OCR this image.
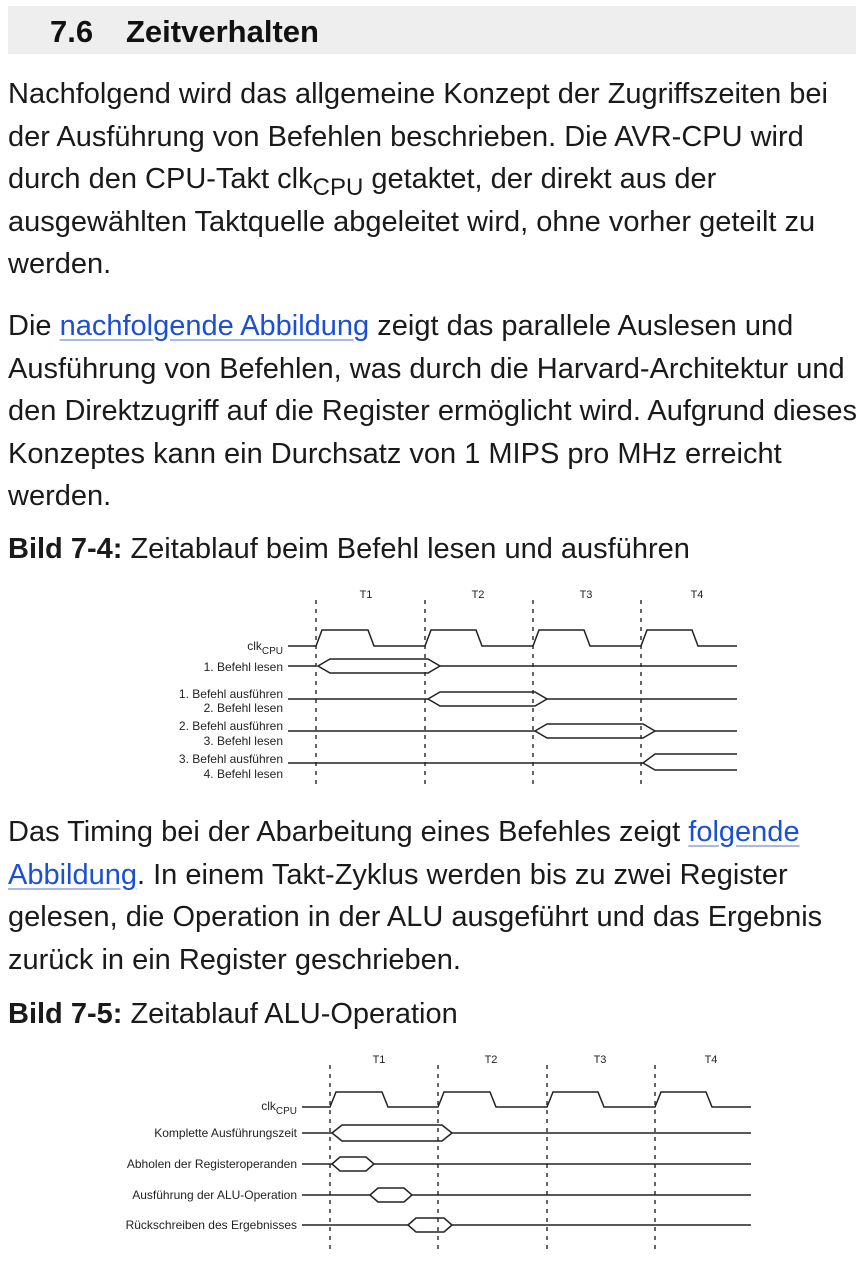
7.6 Zeitverhalten

Nachfolgend wird das allgemeine Konzept der Zugriffszeiten bei der Ausführung von Befehlen beschrieben. Die AVR-CPU wird durch den CPU-Takt clk$_{CPU}$ getaktet, der direkt aus der ausgewählten Taktquelle abgeleitet wird, ohne vorher geteilt zu werden.

Die nachfolgende Abbildung zeigt das parallele Auslesen und Ausführung von Befehlen, was durch die Harvard-Architektur und den Direktzugriff auf die Register ermöglicht wird. Aufgrund dieses Konzeptes kann ein Durchsatz von 1 MIPS pro MHz erreicht werden.

Bild 7-4: Zeitablauf beim Befehl lesen und ausführen

T1	T2	T3	T4
clk$_{CPU}$
1. Befehl lesen
1. Befehl ausführen
2. Befehl lesen
2. Befehl ausführen
3. Befehl lesen
3. Befehl ausführen
4. Befehl lesen

Das Timing bei der Abarbeitung eines Befehles zeigt folgende Abbildung. In einem Takt-Zyklus werden bis zu zwei Register gelesen, die Operation in der ALU ausgeführt und das Ergebnis zurück in ein Register geschrieben.

Bild 7-5: Zeitablauf ALU-Operation

T1	T2	T3	T4
clk$_{CPU}$
Komplette Ausführungszeit
Abholen der Registeroperanden
Ausführung der ALU-Operation
Rückschreiben des Ergebnisses
